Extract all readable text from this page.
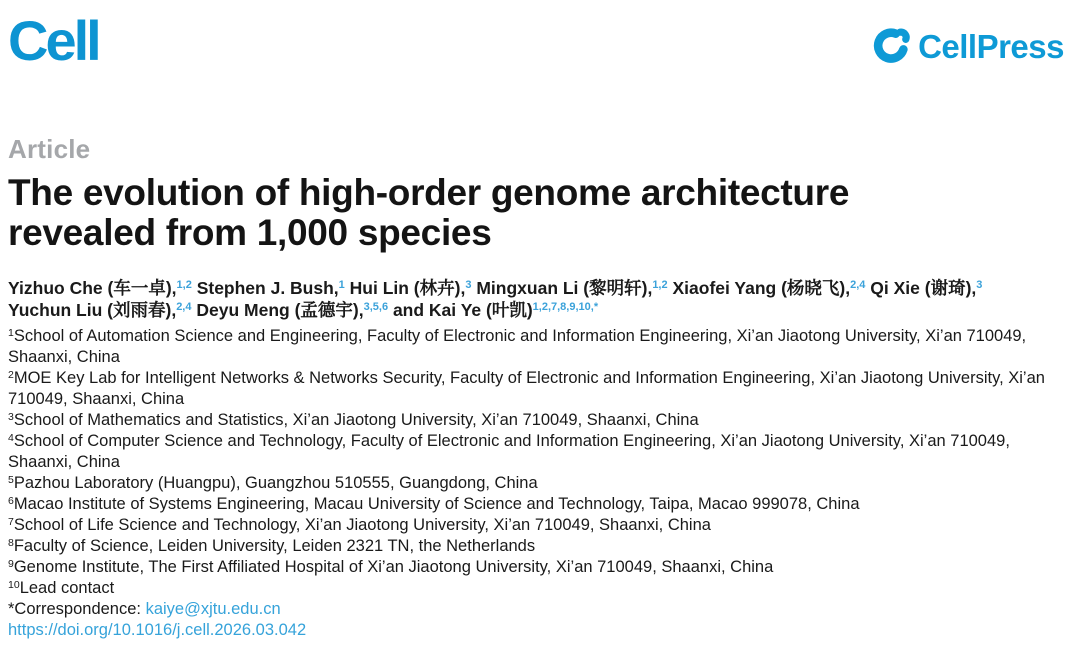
Cell	CellPress
Article
The evolution of high-order genome architecture revealed from 1,000 species
Yizhuo Che (车一卓),$^{1,2}$ Stephen J. Bush,$^1$ Hui Lin (林卉),$^3$ Mingxuan Li (黎明轩),$^{1,2}$ Xiaofei Yang (杨晓飞),$^{2,4}$ Qi Xie (谢琦),$^3$
Yuchun Liu (刘雨春),$^{2,4}$ Deyu Meng (孟德宇),$^{3,5,6}$ and Kai Ye (叶凯)$^{1,2,7,8,9,10,*}$
$^1$School of Automation Science and Engineering, Faculty of Electronic and Information Engineering, Xi’an Jiaotong University, Xi’an 710049, Shaanxi, China
$^2$MOE Key Lab for Intelligent Networks & Networks Security, Faculty of Electronic and Information Engineering, Xi’an Jiaotong University, Xi’an 710049, Shaanxi, China
$^3$School of Mathematics and Statistics, Xi’an Jiaotong University, Xi’an 710049, Shaanxi, China
$^4$School of Computer Science and Technology, Faculty of Electronic and Information Engineering, Xi’an Jiaotong University, Xi’an 710049, Shaanxi, China
$^5$Pazhou Laboratory (Huangpu), Guangzhou 510555, Guangdong, China
$^6$Macao Institute of Systems Engineering, Macau University of Science and Technology, Taipa, Macao 999078, China
$^7$School of Life Science and Technology, Xi’an Jiaotong University, Xi’an 710049, Shaanxi, China
$^8$Faculty of Science, Leiden University, Leiden 2321 TN, the Netherlands
$^9$Genome Institute, The First Affiliated Hospital of Xi’an Jiaotong University, Xi’an 710049, Shaanxi, China
$^{10}$Lead contact
*Correspondence: kaiye@xjtu.edu.cn
https://doi.org/10.1016/j.cell.2026.03.042
